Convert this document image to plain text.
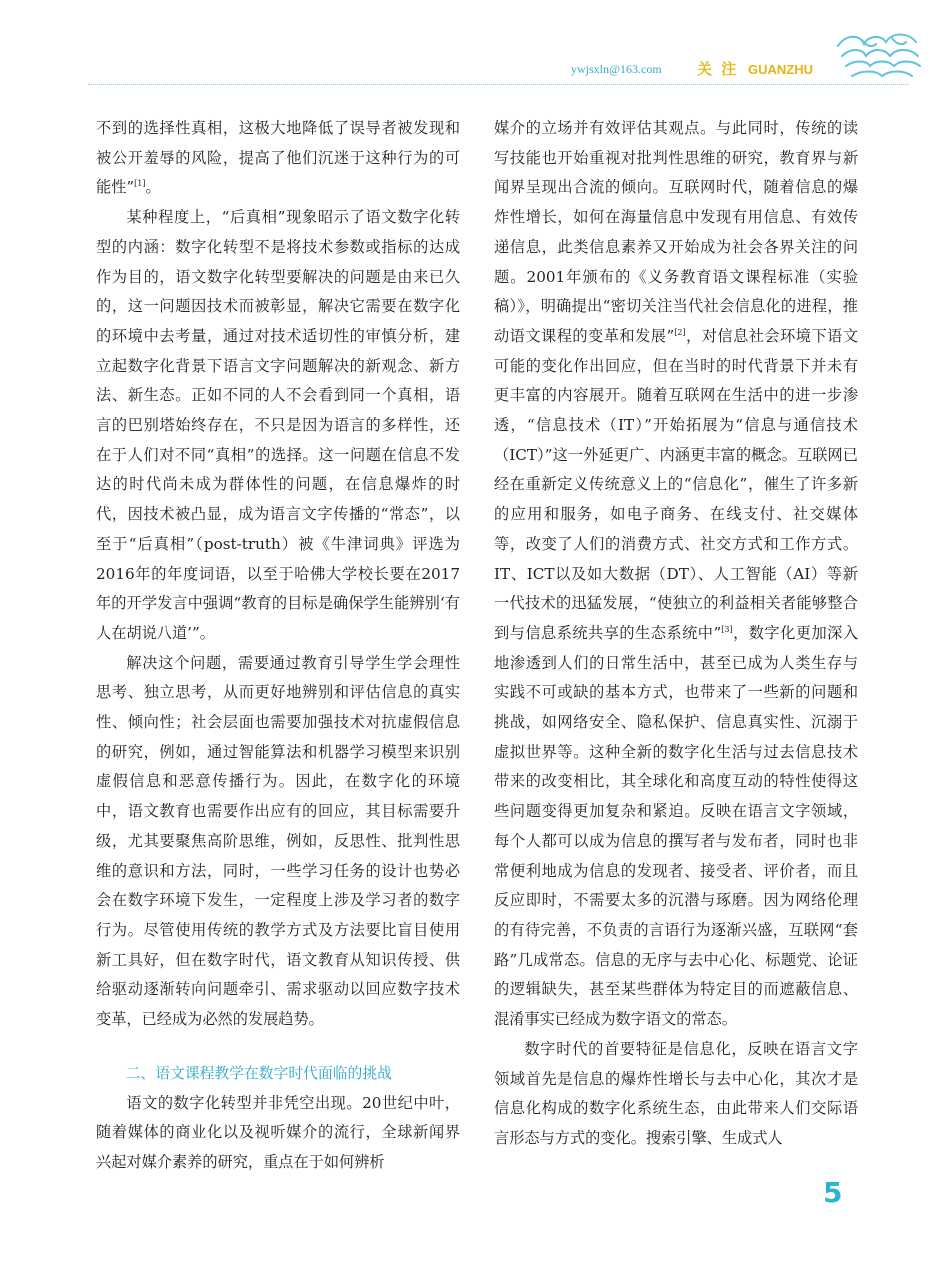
ywjsxln@163.com 关 注 GUANZHU

不到的选择性真相，这极大地降低了误导者被发现和被公开羞辱的风险，提高了他们沉迷于这种行为的可能性”[1]。

某种程度上，“后真相”现象昭示了语文数字化转型的内涵：数字化转型不是将技术参数或指标的达成作为目的，语文数字化转型要解决的问题是由来已久的，这一问题因技术而被彰显，解决它需要在数字化的环境中去考量，通过对技术适切性的审慎分析，建立起数字化背景下语言文字问题解决的新观念、新方法、新生态。正如不同的人不会看到同一个真相，语言的巴别塔始终存在，不只是因为语言的多样性，还在于人们对不同“真相”的选择。这一问题在信息不发达的时代尚未成为群体性的问题，在信息爆炸的时代，因技术被凸显，成为语言文字传播的“常态”，以至于“后真相”（post-truth）被《牛津词典》评选为2016年的年度词语，以至于哈佛大学校长要在2017年的开学发言中强调“教育的目标是确保学生能辨别‘有人在胡说八道’”。

解决这个问题，需要通过教育引导学生学会理性思考、独立思考，从而更好地辨别和评估信息的真实性、倾向性；社会层面也需要加强技术对抗虚假信息的研究，例如，通过智能算法和机器学习模型来识别虚假信息和恶意传播行为。因此，在数字化的环境中，语文教育也需要作出应有的回应，其目标需要升级，尤其要聚焦高阶思维，例如，反思性、批判性思维的意识和方法，同时，一些学习任务的设计也势必会在数字环境下发生，一定程度上涉及学习者的数字行为。尽管使用传统的教学方式及方法要比盲目使用新工具好，但在数字时代，语文教育从知识传授、供给驱动逐渐转向问题牵引、需求驱动以回应数字技术变革，已经成为必然的发展趋势。

二、语文课程教学在数字时代面临的挑战

语文的数字化转型并非凭空出现。20世纪中叶，随着媒体的商业化以及视听媒介的流行，全球新闻界兴起对媒介素养的研究，重点在于如何辨析

媒介的立场并有效评估其观点。与此同时，传统的读写技能也开始重视对批判性思维的研究，教育界与新闻界呈现出合流的倾向。互联网时代，随着信息的爆炸性增长，如何在海量信息中发现有用信息、有效传递信息，此类信息素养又开始成为社会各界关注的问题。2001年颁布的《义务教育语文课程标准（实验稿）》，明确提出“密切关注当代社会信息化的进程，推动语文课程的变革和发展”[2]，对信息社会环境下语文可能的变化作出回应，但在当时的时代背景下并未有更丰富的内容展开。随着互联网在生活中的进一步渗透，“信息技术（IT）”开始拓展为“信息与通信技术（ICT）”这一外延更广、内涵更丰富的概念。互联网已经在重新定义传统意义上的“信息化”，催生了许多新的应用和服务，如电子商务、在线支付、社交媒体等，改变了人们的消费方式、社交方式和工作方式。IT、ICT以及如大数据（DT）、人工智能（AI）等新一代技术的迅猛发展，“使独立的利益相关者能够整合到与信息系统共享的生态系统中”[3]，数字化更加深入地渗透到人们的日常生活中，甚至已成为人类生存与实践不可或缺的基本方式，也带来了一些新的问题和挑战，如网络安全、隐私保护、信息真实性、沉溺于虚拟世界等。这种全新的数字化生活与过去信息技术带来的改变相比，其全球化和高度互动的特性使得这些问题变得更加复杂和紧迫。反映在语言文字领域，每个人都可以成为信息的撰写者与发布者，同时也非常便利地成为信息的发现者、接受者、评价者，而且反应即时，不需要太多的沉潜与琢磨。因为网络伦理的有待完善，不负责的言语行为逐渐兴盛，互联网“套路”几成常态。信息的无序与去中心化、标题党、论证的逻辑缺失，甚至某些群体为特定目的而遮蔽信息、混淆事实已经成为数字语文的常态。

数字时代的首要特征是信息化，反映在语言文字领域首先是信息的爆炸性增长与去中心化，其次才是信息化构成的数字化系统生态，由此带来人们交际语言形态与方式的变化。搜索引擎、生成式人

5
